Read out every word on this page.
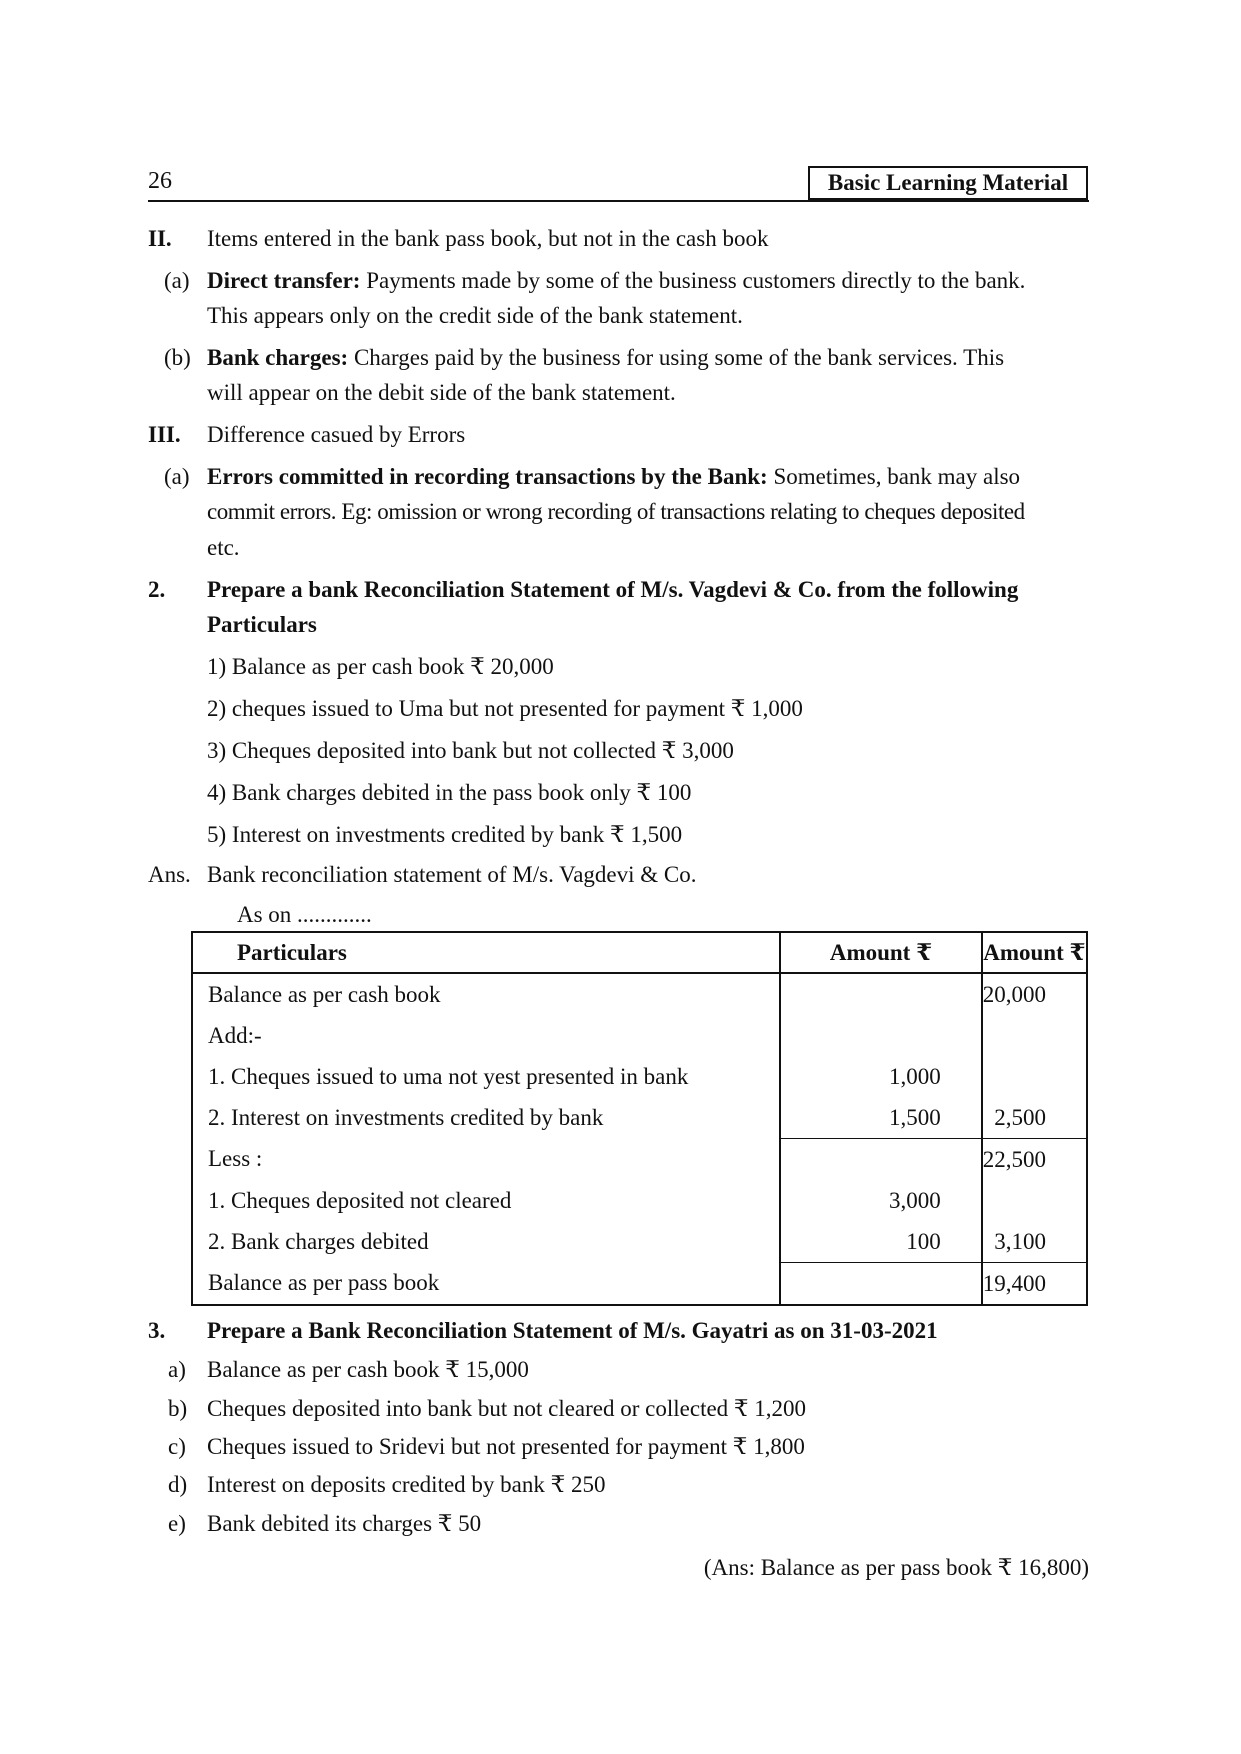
26	Basic Learning Material
II. Items entered in the bank pass book, but not in the cash book
(a) Direct transfer: Payments made by some of the business customers directly to the bank.
This appears only on the credit side of the bank statement.
(b) Bank charges: Charges paid by the business for using some of the bank services. This
will appear on the debit side of the bank statement.
III. Difference casued by Errors
(a) Errors committed in recording transactions by the Bank: Sometimes, bank may also
commit errors. Eg: omission or wrong recording of transactions relating to cheques deposited
etc.
2. Prepare a bank Reconciliation Statement of M/s. Vagdevi & Co. from the following
Particulars
1) Balance as per cash book ₹ 20,000
2) cheques issued to Uma but not presented for payment ₹ 1,000
3) Cheques deposited into bank but not collected ₹ 3,000
4) Bank charges debited in the pass book only ₹ 100
5) Interest on investments credited by bank ₹ 1,500
Ans. Bank reconciliation statement of M/s. Vagdevi & Co.
As on .............
Particulars	Amount ₹	Amount ₹
Balance as per cash book		20,000
Add:-		
1. Cheques issued to uma not yest presented in bank	1,000	
2. Interest on investments credited by bank	1,500	2,500
Less :		22,500
1. Cheques deposited not cleared	3,000	
2. Bank charges debited	100	3,100
Balance as per pass book		19,400
3. Prepare a Bank Reconciliation Statement of M/s. Gayatri as on 31-03-2021
a) Balance as per cash book ₹ 15,000
b) Cheques deposited into bank but not cleared or collected ₹ 1,200
c) Cheques issued to Sridevi but not presented for payment ₹ 1,800
d) Interest on deposits credited by bank ₹ 250
e) Bank debited its charges ₹ 50
(Ans: Balance as per pass book ₹ 16,800)
